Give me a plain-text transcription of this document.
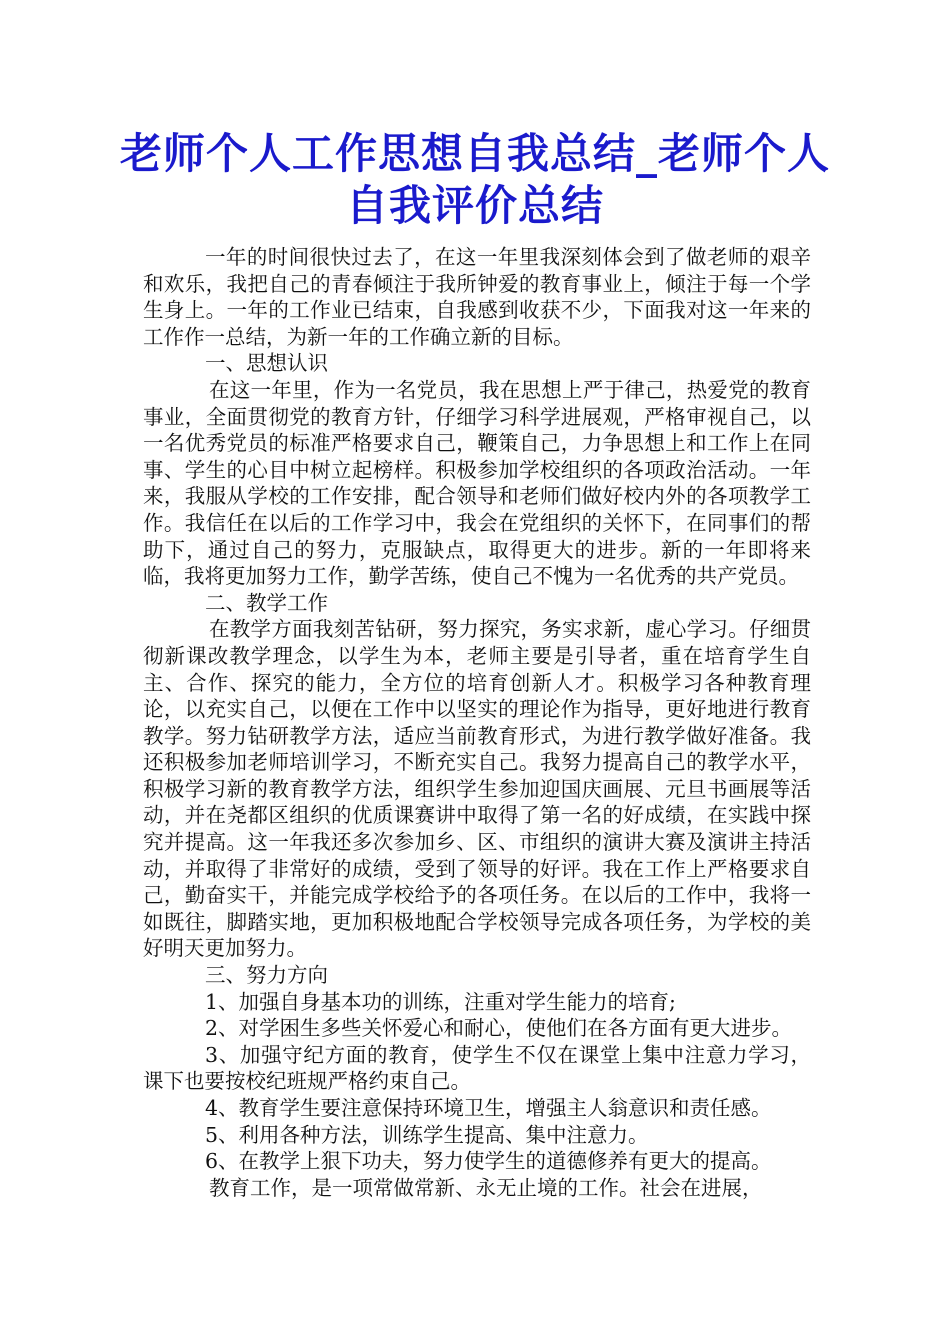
老师个人工作思想自我总结_老师个人自我评价总结

一年的时间很快过去了，在这一年里我深刻体会到了做老师的艰辛和欢乐，我把自己的青春倾注于我所钟爱的教育事业上，倾注于每一个学生身上。一年的工作业已结束，自我感到收获不少，下面我对这一年来的工作作一总结，为新一年的工作确立新的目标。

一、思想认识

在这一年里，作为一名党员，我在思想上严于律己，热爱党的教育事业，全面贯彻党的教育方针，仔细学习科学进展观，严格审视自己，以一名优秀党员的标准严格要求自己，鞭策自己，力争思想上和工作上在同事、学生的心目中树立起榜样。积极参加学校组织的各项政治活动。一年来，我服从学校的工作安排，配合领导和老师们做好校内外的各项教学工作。我信任在以后的工作学习中，我会在党组织的关怀下，在同事们的帮助下，通过自己的努力，克服缺点，取得更大的进步。新的一年即将来临，我将更加努力工作，勤学苦练，使自己不愧为一名优秀的共产党员。

二、教学工作

在教学方面我刻苦钻研，努力探究，务实求新，虚心学习。仔细贯彻新课改教学理念，以学生为本，老师主要是引导者，重在培育学生自主、合作、探究的能力，全方位的培育创新人才。积极学习各种教育理论，以充实自己，以便在工作中以坚实的理论作为指导，更好地进行教育教学。努力钻研教学方法，适应当前教育形式，为进行教学做好准备。我还积极参加老师培训学习，不断充实自己。我努力提高自己的教学水平，积极学习新的教育教学方法，组织学生参加迎国庆画展、元旦书画展等活动，并在尧都区组织的优质课赛讲中取得了第一名的好成绩，在实践中探究并提高。这一年我还多次参加乡、区、市组织的演讲大赛及演讲主持活动，并取得了非常好的成绩，受到了领导的好评。我在工作上严格要求自己，勤奋实干，并能完成学校给予的各项任务。在以后的工作中，我将一如既往，脚踏实地，更加积极地配合学校领导完成各项任务，为学校的美好明天更加努力。

三、努力方向

1、加强自身基本功的训练，注重对学生能力的培育;

2、对学困生多些关怀爱心和耐心，使他们在各方面有更大进步。

3、加强守纪方面的教育，使学生不仅在课堂上集中注意力学习，课下也要按校纪班规严格约束自己。

4、教育学生要注意保持环境卫生，增强主人翁意识和责任感。

5、利用各种方法，训练学生提高、集中注意力。

6、在教学上狠下功夫，努力使学生的道德修养有更大的提高。

教育工作，是一项常做常新、永无止境的工作。社会在进展，
